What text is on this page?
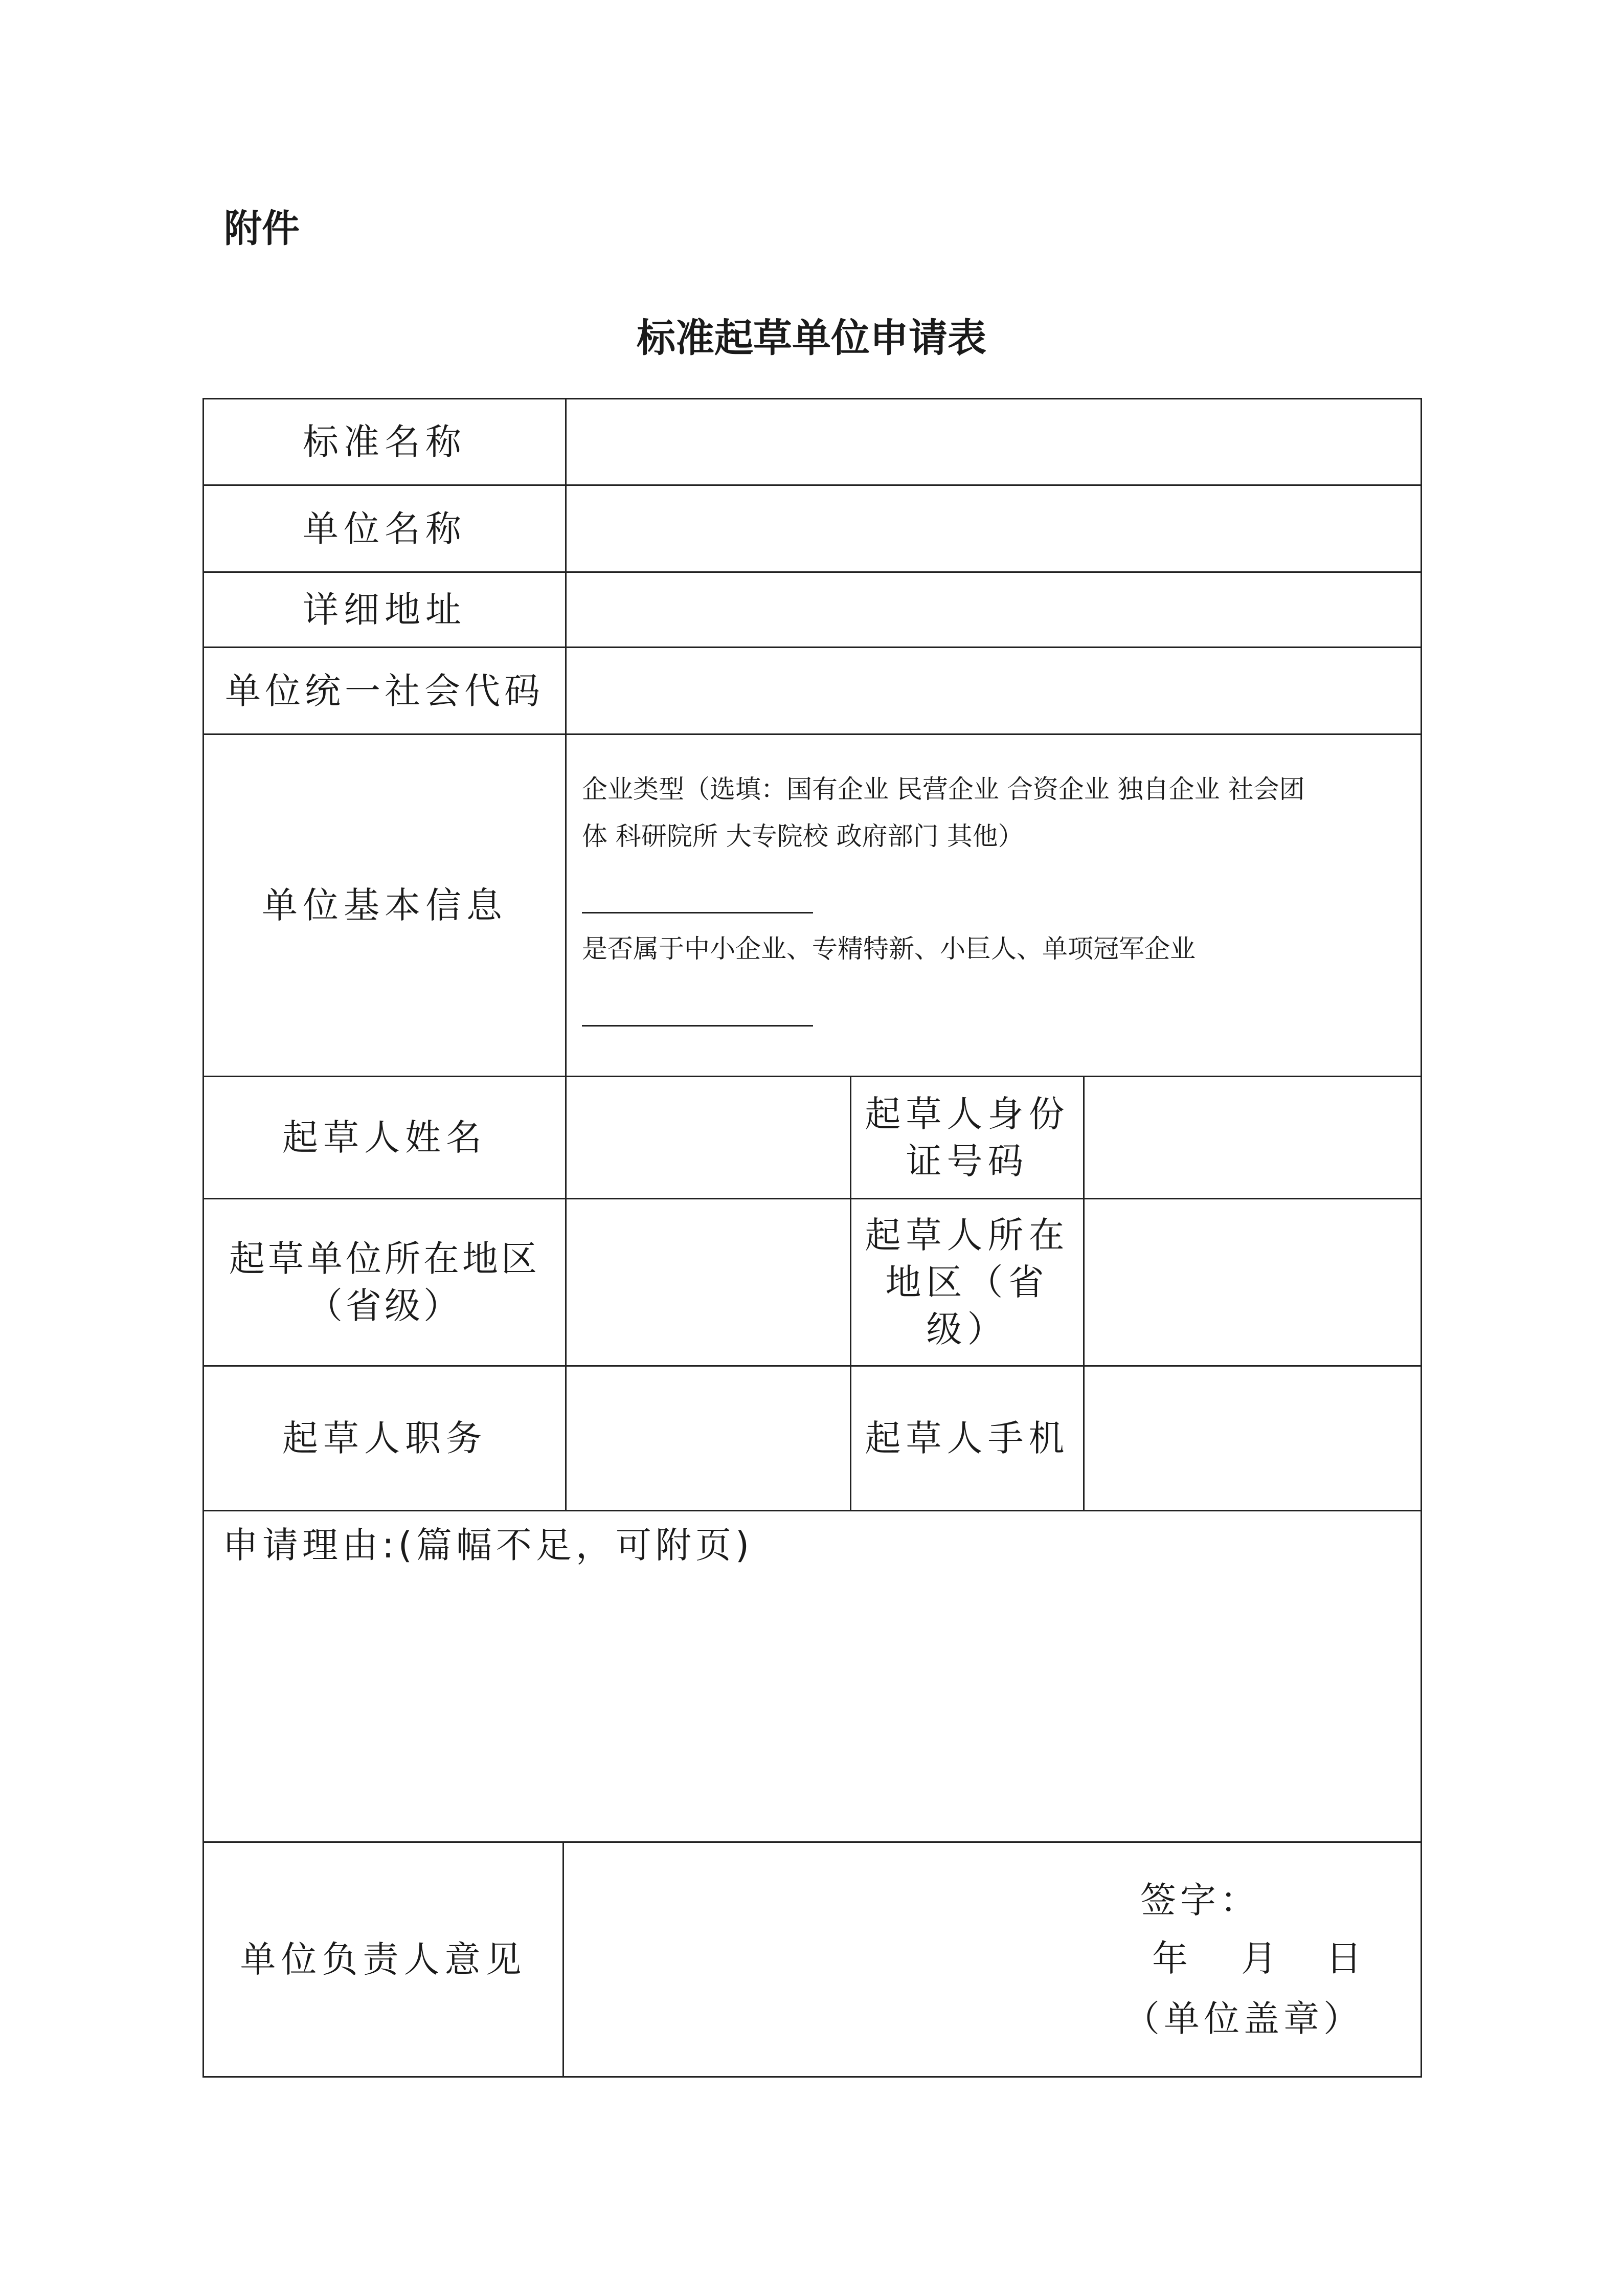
附件
标准起草单位申请表
标准名称
单位名称
详细地址
单位统一社会代码
单位基本信息
企业类型（选填：国有企业 民营企业 合资企业 独自企业 社会团
体 科研院所 大专院校 政府部门 其他）
是否属于中小企业、专精特新、小巨人、单项冠军企业
起草人姓名
起草人身份
证号码
起草单位所在地区
（省级）
起草人所在
地区（省
级）
起草人职务	起草人手机
申请理由:(篇幅不足，可附页)
单位负责人意见
签字：
年 月 日
（单位盖章）
